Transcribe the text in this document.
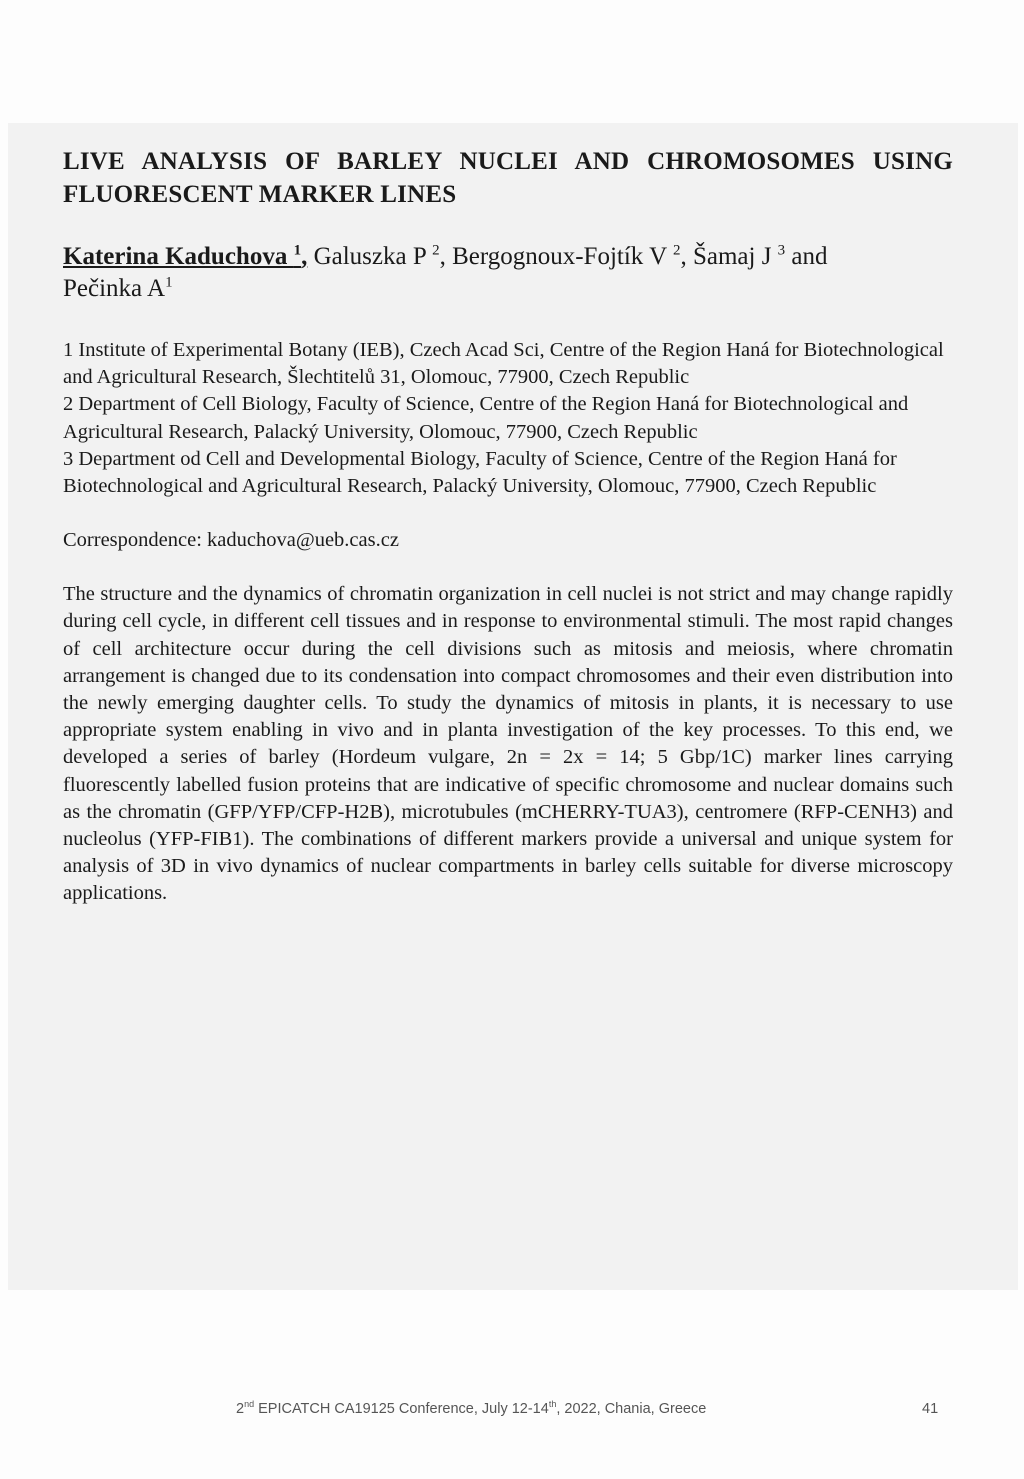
LIVE ANALYSIS OF BARLEY NUCLEI AND CHROMOSOMES USING
FLUORESCENT MARKER LINES
Katerina Kaduchova $^1$, Galuszka P $^2$, Bergognoux-Fojtík V $^2$, Šamaj J $^3$ and
Pečinka $A^1$
1 Institute of Experimental Botany (IEB), Czech Acad Sci, Centre of the Region Haná for Biotechnological and Agricultural Research, Šlechtitelů 31, Olomouc, 77900, Czech Republic
2 Department of Cell Biology, Faculty of Science, Centre of the Region Haná for Biotechnological and Agricultural Research, Palacký University, Olomouc, 77900, Czech Republic
3 Department od Cell and Developmental Biology, Faculty of Science, Centre of the Region Haná for Biotechnological and Agricultural Research, Palacký University, Olomouc, 77900, Czech Republic
Correspondence: kaduchova@ueb.cas.cz

The structure and the dynamics of chromatin organization in cell nuclei is not strict and may change rapidly during cell cycle, in different cell tissues and in response to environmental stimuli. The most rapid changes of cell architecture occur during the cell divisions such as mitosis and meiosis, where chromatin arrangement is changed due to its condensation into compact chromosomes and their even distribution into the newly emerging daughter cells. To study the dynamics of mitosis in plants, it is necessary to use appropriate system enabling in vivo and in planta investigation of the key processes. To this end, we developed a series of barley (Hordeum vulgare, 2n = 2x = 14; 5 Gbp/1C) marker lines carrying fluorescently labelled fusion proteins that are indicative of specific chromosome and nuclear domains such as the chromatin (GFP/YFP/CFP-H2B), microtubules (mCHERRY-TUA3), centromere (RFP-CENH3) and nucleolus (YFP-FIB1). The combinations of different markers provide a universal and unique system for analysis of 3D in vivo dynamics of nuclear compartments in barley cells suitable for diverse microscopy applications.

2nd EPICATCH CA19125 Conference, July 12-14th, 2022, Chania, Greece	41
